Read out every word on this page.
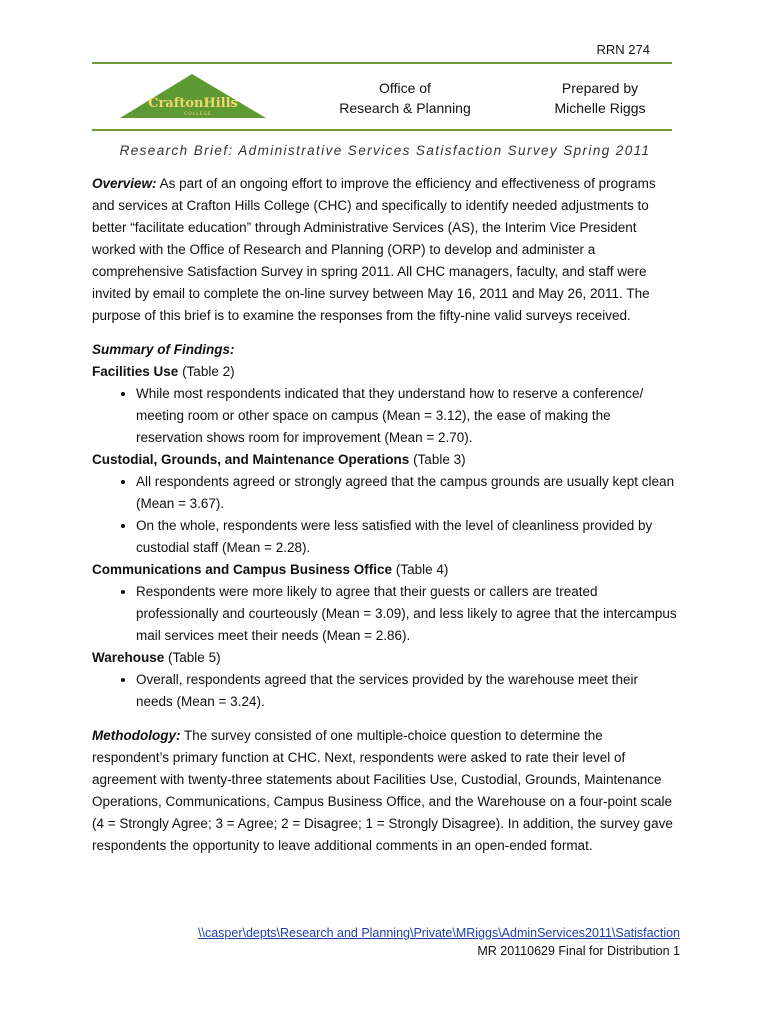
RRN 274
CraftonHills
COLLEGE
Office of
Research & Planning
Prepared by
Michelle Riggs
Research Brief: Administrative Services Satisfaction Survey Spring 2011

Overview: As part of an ongoing effort to improve the efficiency and effectiveness of programs and services at Crafton Hills College (CHC) and specifically to identify needed adjustments to better “facilitate education” through Administrative Services (AS), the Interim Vice President worked with the Office of Research and Planning (ORP) to develop and administer a comprehensive Satisfaction Survey in spring 2011. All CHC managers, faculty, and staff were invited by email to complete the on-line survey between May 16, 2011 and May 26, 2011. The purpose of this brief is to examine the responses from the fifty-nine valid surveys received.

Summary of Findings:
Facilities Use (Table 2)
• While most respondents indicated that they understand how to reserve a conference/ meeting room or other space on campus (Mean = 3.12), the ease of making the reservation shows room for improvement (Mean = 2.70).
Custodial, Grounds, and Maintenance Operations (Table 3)
• All respondents agreed or strongly agreed that the campus grounds are usually kept clean (Mean = 3.67).
• On the whole, respondents were less satisfied with the level of cleanliness provided by custodial staff (Mean = 2.28).
Communications and Campus Business Office (Table 4)
• Respondents were more likely to agree that their guests or callers are treated professionally and courteously (Mean = 3.09), and less likely to agree that the intercampus mail services meet their needs (Mean = 2.86).
Warehouse (Table 5)
• Overall, respondents agreed that the services provided by the warehouse meet their needs (Mean = 3.24).

Methodology: The survey consisted of one multiple-choice question to determine the respondent’s primary function at CHC. Next, respondents were asked to rate their level of agreement with twenty-three statements about Facilities Use, Custodial, Grounds, Maintenance Operations, Communications, Campus Business Office, and the Warehouse on a four-point scale (4 = Strongly Agree; 3 = Agree; 2 = Disagree; 1 = Strongly Disagree). In addition, the survey gave respondents the opportunity to leave additional comments in an open-ended format.

\\casper\depts\Research and Planning\Private\MRiggs\AdminServices2011\Satisfaction
MR 20110629 Final for Distribution 1
